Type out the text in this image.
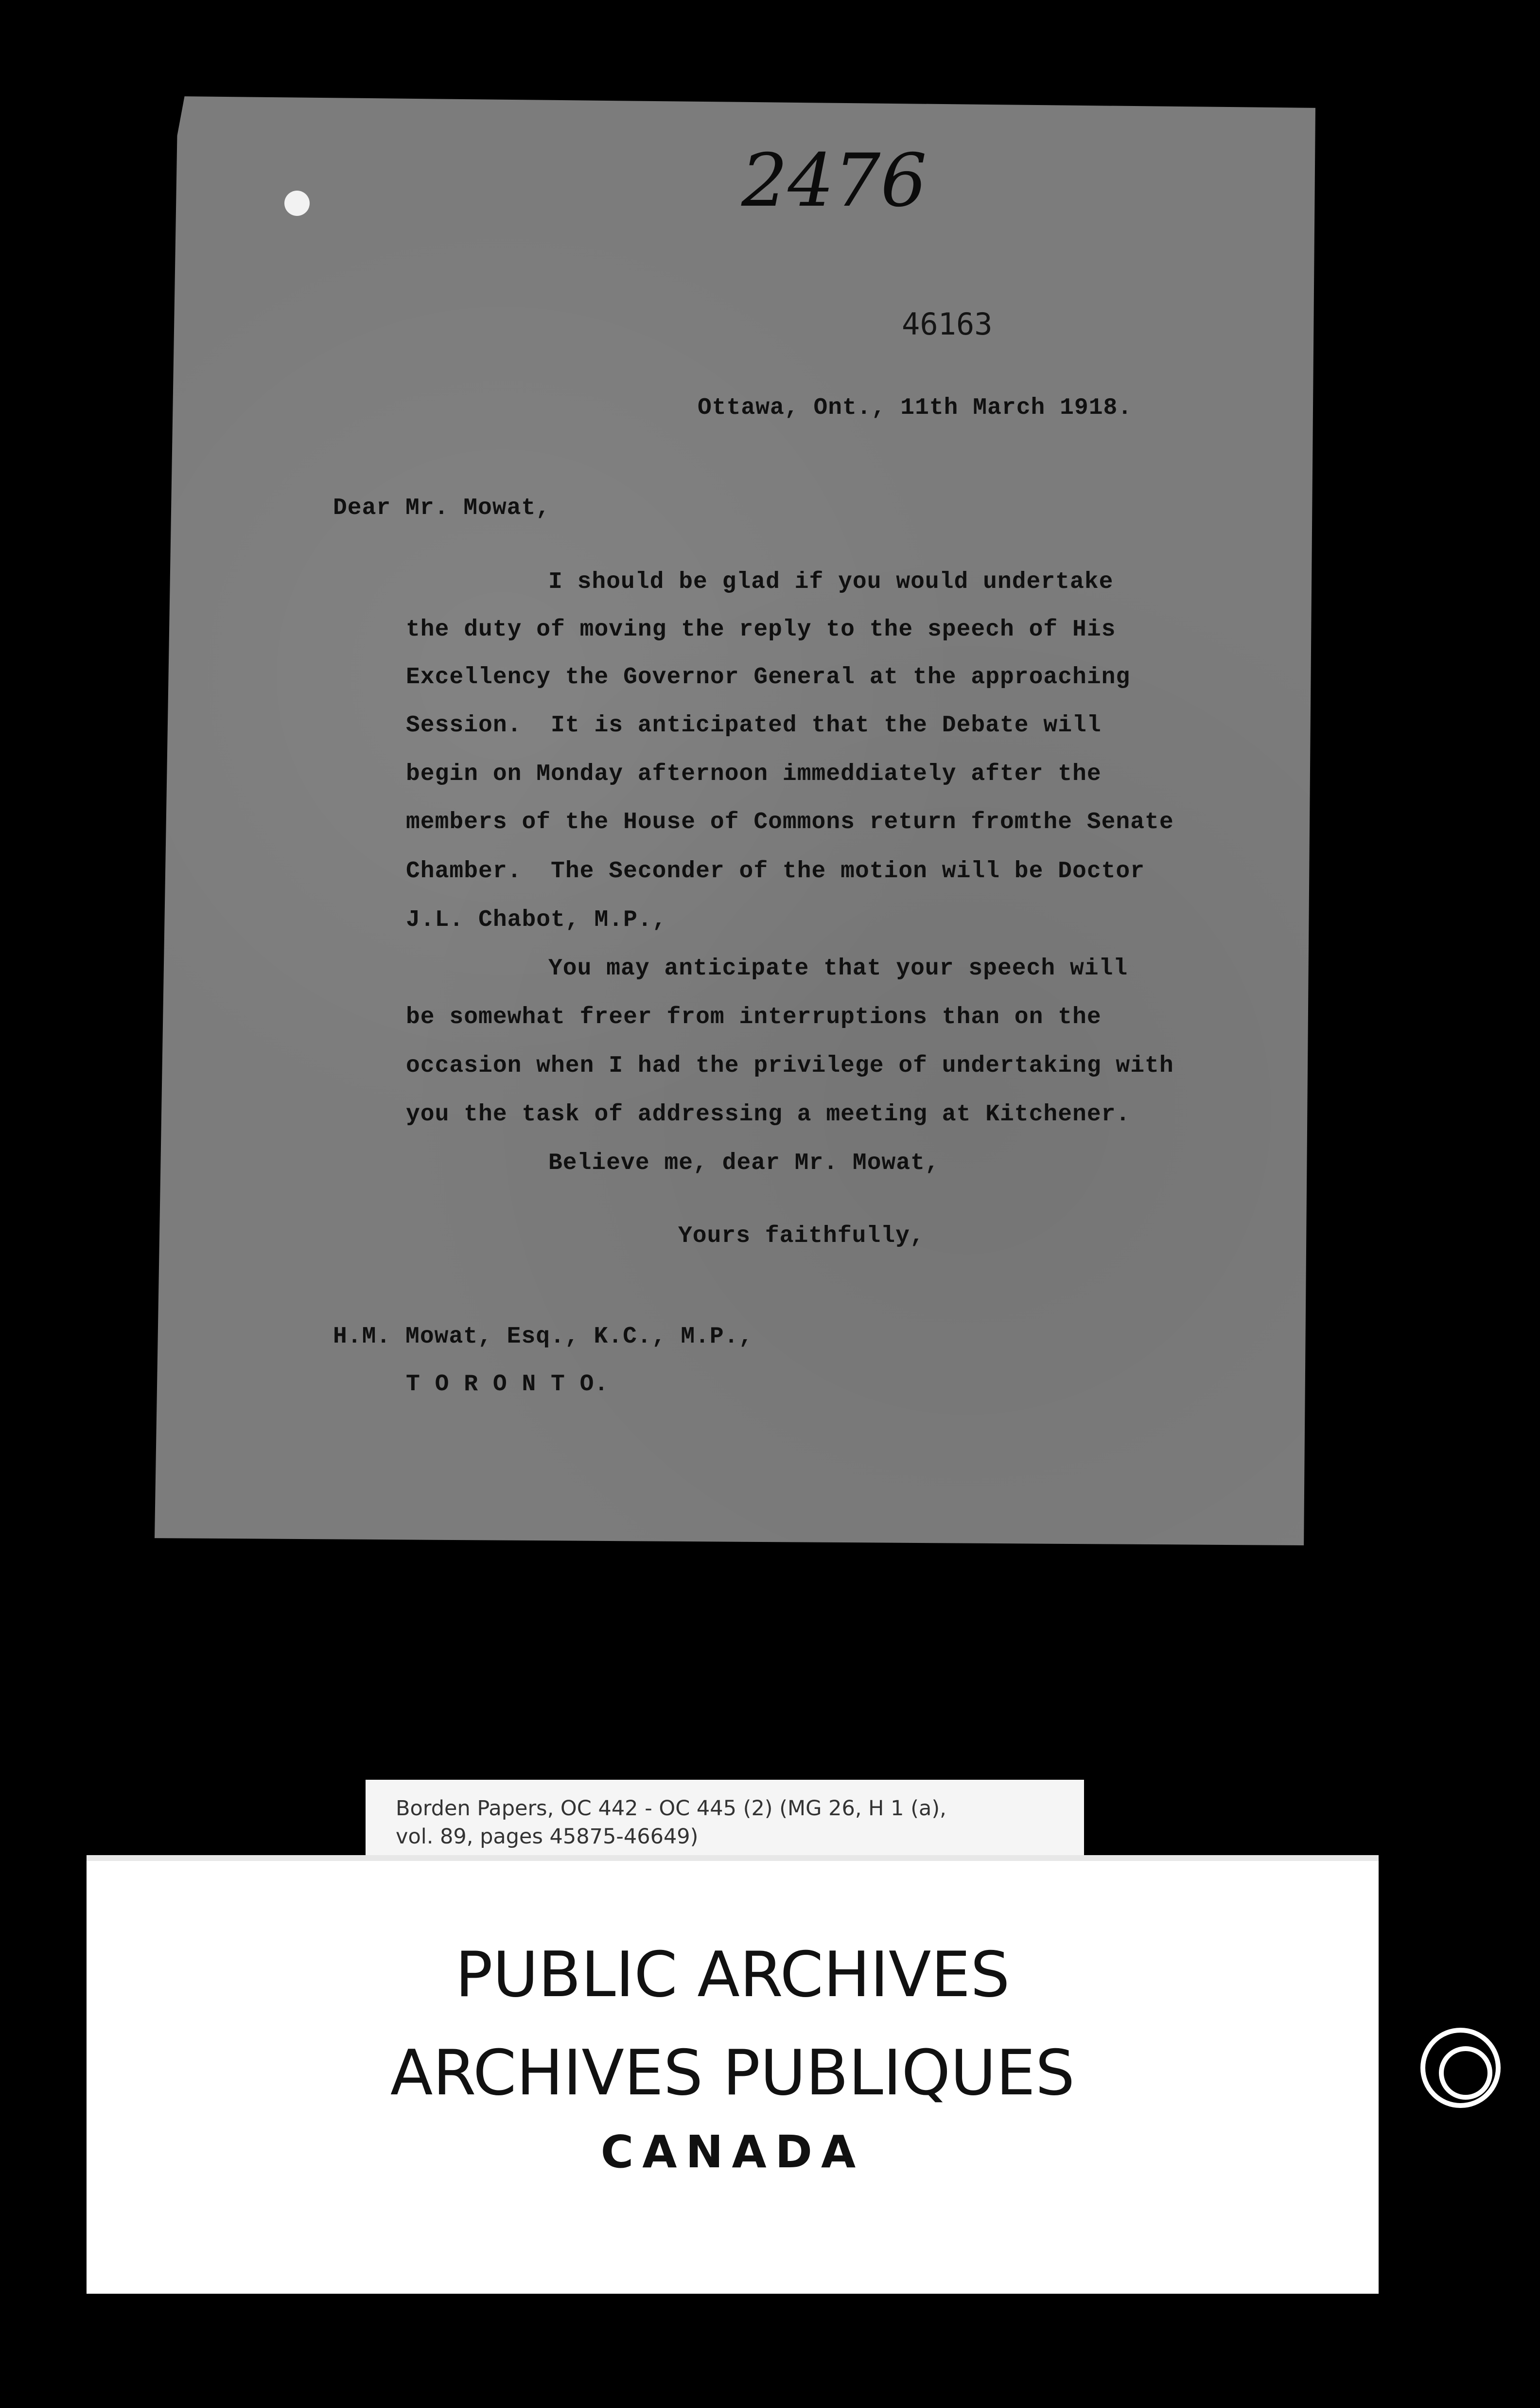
2476
46163
Ottawa, Ont., 11th March 1918.
Dear Mr. Mowat,
I should be glad if you would undertake
the duty of moving the reply to the speech of His
Excellency the Governor General at the approaching
Session.  It is anticipated that the Debate will
begin on Monday afternoon immeddiately after the
members of the House of Commons return fromthe Senate
Chamber.  The Seconder of the motion will be Doctor
J.L. Chabot, M.P.,
You may anticipate that your speech will
be somewhat freer from interruptions than on the
occasion when I had the privilege of undertaking with
you the task of addressing a meeting at Kitchener.
Believe me, dear Mr. Mowat,
Yours faithfully,
H.M. Mowat, Esq., K.C., M.P.,
T O R O N T O.
Borden Papers, OC 442 - OC 445 (2) (MG 26, H 1 (a),
vol. 89, pages 45875-46649)
PUBLIC ARCHIVES
ARCHIVES PUBLIQUES
CANADA
